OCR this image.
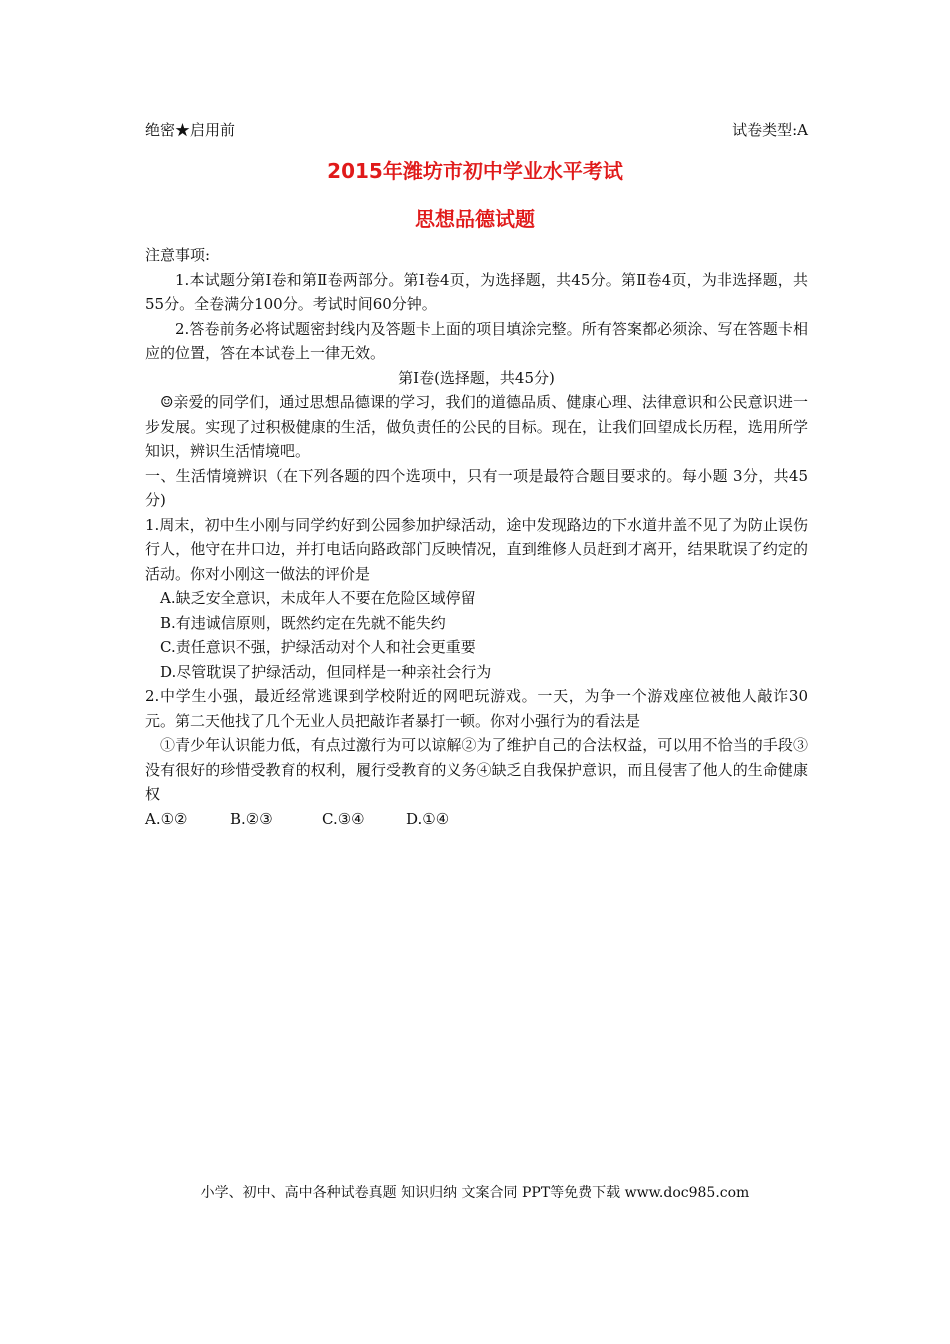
绝密★启用前	试卷类型:A
2015年潍坊市初中学业水平考试
思想品德试题

注意事项:

1.本试题分第Ⅰ卷和第Ⅱ卷两部分。第Ⅰ卷4页，为选择题，共45分。第Ⅱ卷4页，为非选择题，共55分。全卷满分100分。考试时间60分钟。

2.答卷前务必将试题密封线内及答题卡上面的项目填涂完整。所有答案都必须涂、写在答题卡相应的位置，答在本试卷上一律无效。

第Ⅰ卷(选择题，共45分)

☺亲爱的同学们，通过思想品德课的学习，我们的道德品质、健康心理、法律意识和公民意识进一步发展。实现了过积极健康的生活，做负责任的公民的目标。现在，让我们回望成长历程，选用所学知识，辨识生活情境吧。

一、生活情境辨识（在下列各题的四个选项中，只有一项是最符合题目要求的。每小题 3分，共45分)

1.周末，初中生小刚与同学约好到公园参加护绿活动，途中发现路边的下水道井盖不见了为防止误伤行人，他守在井口边，并打电话向路政部门反映情况，直到维修人员赶到才离开，结果耽误了约定的活动。你对小刚这一做法的评价是

A.缺乏安全意识，未成年人不要在危险区域停留

B.有违诚信原则，既然约定在先就不能失约

C.责任意识不强，护绿活动对个人和社会更重要

D.尽管耽误了护绿活动，但同样是一种亲社会行为

2.中学生小强，最近经常逃课到学校附近的网吧玩游戏。一天，为争一个游戏座位被他人敲诈30元。第二天他找了几个无业人员把敲诈者暴打一顿。你对小强行为的看法是

①青少年认识能力低，有点过激行为可以谅解②为了维护自己的合法权益，可以用不恰当的手段③没有很好的珍惜受教育的权利，履行受教育的义务④缺乏自我保护意识，而且侵害了他人的生命健康权

A.①②	B.②③	C.③④	D.①④

小学、初中、高中各种试卷真题 知识归纳 文案合同 PPT等免费下载 www.doc985.com
